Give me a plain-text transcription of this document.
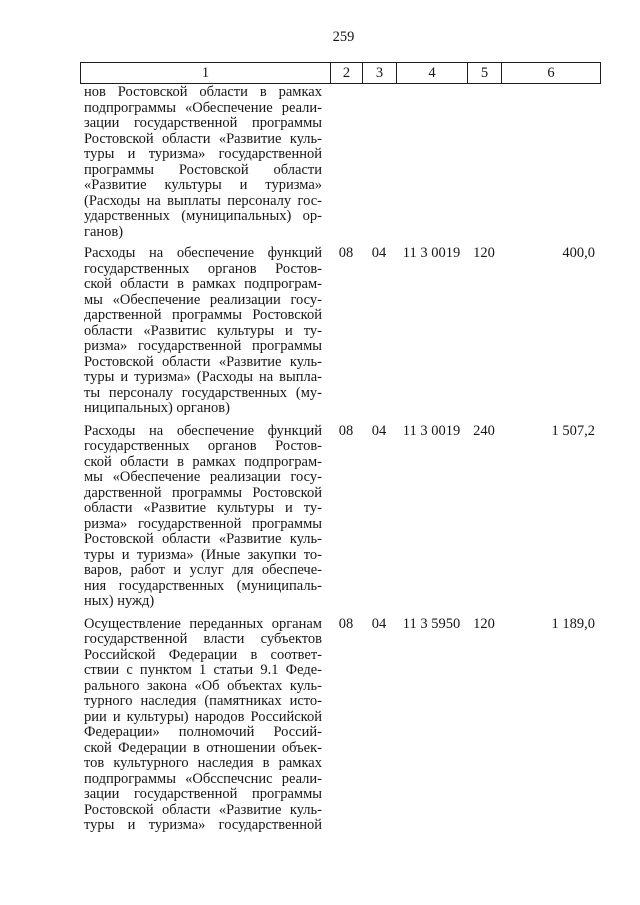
259
1	2	3	4	5	6
нов Ростовской области в рамках
подпрограммы «Обеспечение реали-
зации государственной программы
Ростовской области «Развитие куль-
туры и туризма» государственной
программы Ростовской области
«Развитие культуры и туризма»
(Расходы на выплаты персоналу гос-
ударственных (муниципальных) ор-
ганов)
Расходы на обеспечение функций
государственных органов Ростов-
ской области в рамках подпрограм-
мы «Обеспечение реализации госу-
дарственной программы Ростовской
области «Развитис культуры и ту-
ризма» государственной программы
Ростовской области «Развитие куль-
туры и туризма» (Расходы на выпла-
ты персоналу государственных (му-
ниципальных) органов)
08	04	11 3 0019 120	400,0
Расходы на обеспечение функций
государственных органов Ростов-
ской области в рамках подпрограм-
мы «Обеспечение реализации госу-
дарственной программы Ростовской
области «Развитие культуры и ту-
ризма» государственной программы
Ростовской области «Развитие куль-
туры и туризма» (Иные закупки то-
варов, работ и услуг для обеспече-
ния государственных (муниципаль-
ных) нужд)
08	04	11 3 0019 240	1 507,2
Осуществление переданных органам
государственной власти субъектов
Российской Федерации в соответ-
ствии с пунктом 1 статьи 9.1 Феде-
рального закона «Об объектах куль-
турного наследия (памятниках исто-
рии и культуры) народов Российской
Федерации» полномочий Россий-
ской Федерации в отношении объек-
тов культурного наследия в рамках
подпрограммы «Обсспечснис реали-
зации государственной программы
Ростовской области «Развитие куль-
туры и туризма» государственной
08	04	11 3 5950 120	1 189,0
